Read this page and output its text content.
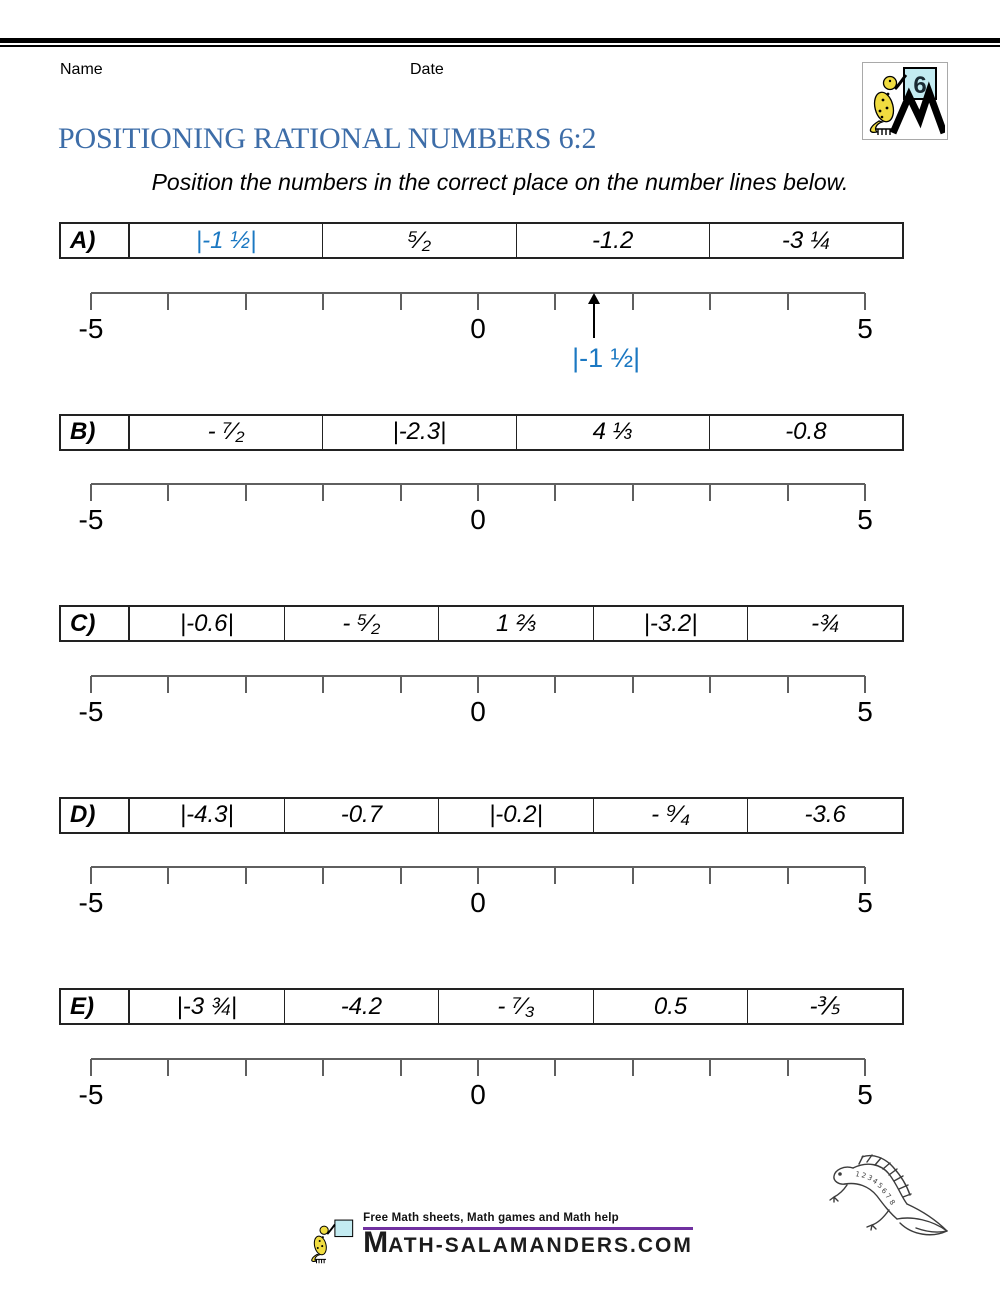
Name	Date
6
POSITIONING RATIONAL NUMBERS 6:2
Position the numbers in the correct place on the number lines below.
A)	|-1 ½|	⁵⁄₂	-1.2	-3 ¼
-5	0	5
|-1 ½|
B)	- ⁷⁄₂	|-2.3|	4 ⅓	-0.8
-5	0	5
C)	|-0.6|	- ⁵⁄₂	1 ⅔	|-3.2|	-¾
-5	0	5
D)	|-4.3|	-0.7	|-0.2|	- ⁹⁄₄	-3.6
-5	0	5
E)	|-3 ¾|	-4.2	- ⁷⁄₃	0.5	-⅗
-5	0	5
1 2 3
4
5
6
7
8
Free Math sheets, Math games and Math help
MATH-SALAMANDERS.COM
